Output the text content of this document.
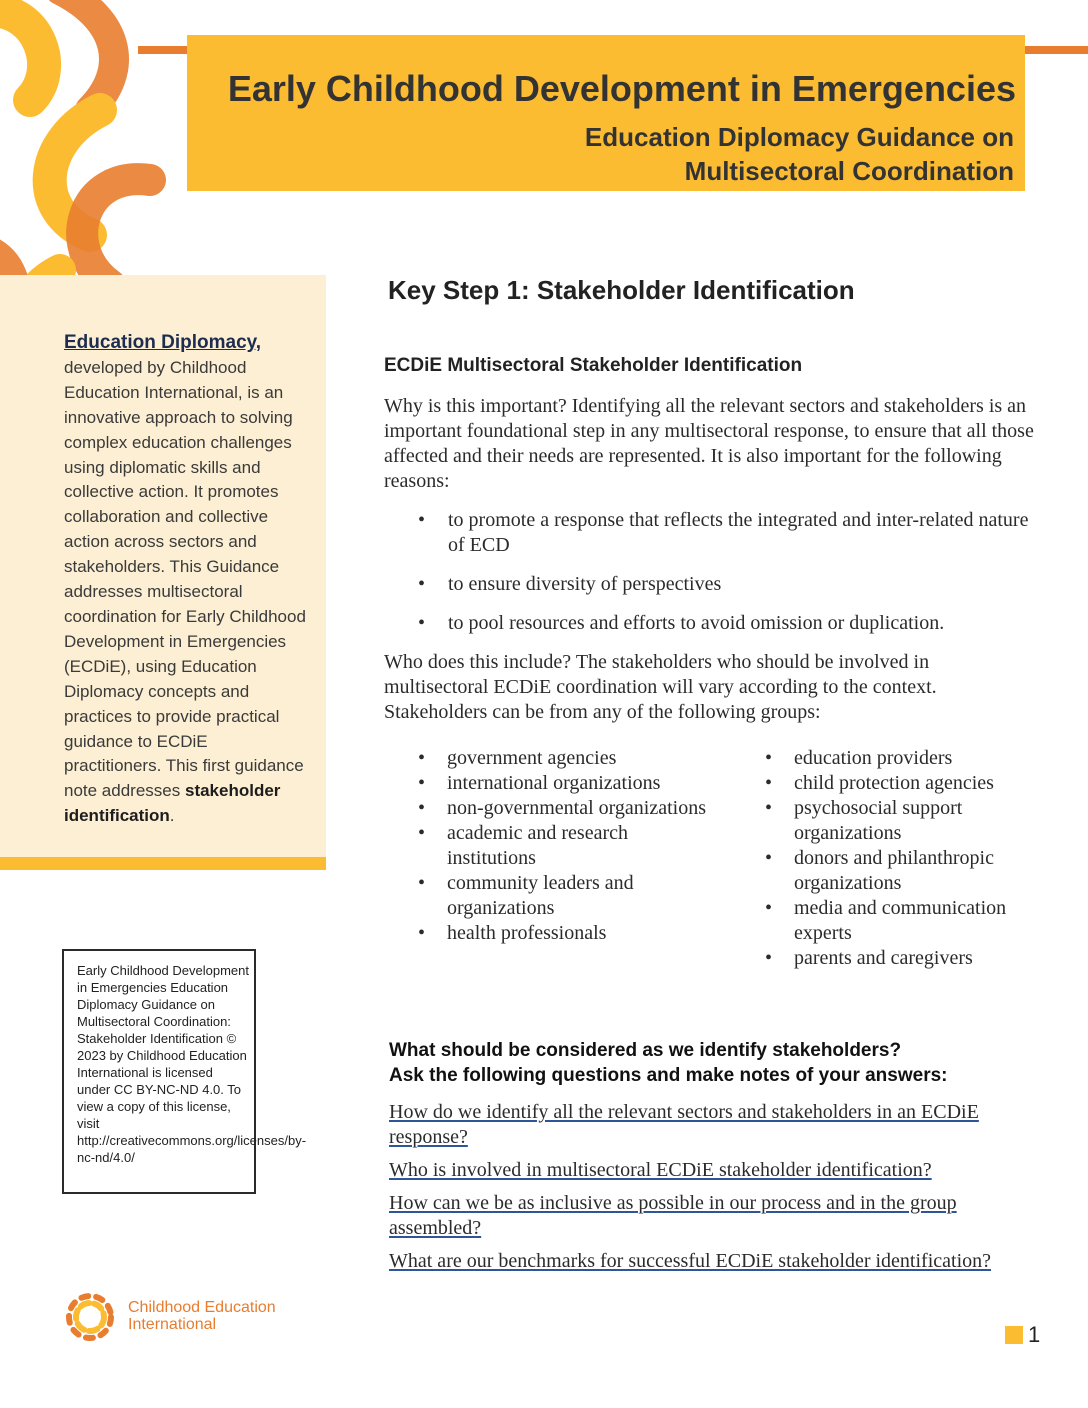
Early Childhood Development in Emergencies
Education Diplomacy Guidance on
Multisectoral Coordination
Education Diplomacy,
developed by Childhood Education International, is an innovative approach to solving complex education challenges using diplomatic skills and collective action. It promotes collaboration and collective action across sectors and stakeholders. This Guidance addresses multisectoral coordination for Early Childhood Development in Emergencies (ECDiE), using Education Diplomacy concepts and practices to provide practical guidance to ECDiE practitioners. This first guidance note addresses stakeholder identification.
Early Childhood Development in Emergencies Education Diplomacy Guidance on Multisectoral Coordination: Stakeholder Identification © 2023 by Childhood Education International is licensed under CC BY-NC-ND 4.0. To view a copy of this license, visit http://creativecommons.org/licenses/by-nc-nd/4.0/
Childhood Education
International
Key Step 1: Stakeholder Identification
ECDiE Multisectoral Stakeholder Identification
Why is this important? Identifying all the relevant sectors and stakeholders is an important foundational step in any multisectoral response, to ensure that all those affected and their needs are represented. It is also important for the following reasons:
• to promote a response that reflects the integrated and inter-related nature of ECD
• to ensure diversity of perspectives
• to pool resources and efforts to avoid omission or duplication.
Who does this include? The stakeholders who should be involved in multisectoral ECDiE coordination will vary according to the context. Stakeholders can be from any of the following groups:
• government agencies
• international organizations
• non-governmental organizations
• academic and research institutions
• community leaders and organizations
• health professionals
• education providers
• child protection agencies
• psychosocial support organizations
• donors and philanthropic organizations
• media and communication experts
• parents and caregivers
What should be considered as we identify stakeholders?
Ask the following questions and make notes of your answers:
How do we identify all the relevant sectors and stakeholders in an ECDiE response?
Who is involved in multisectoral ECDiE stakeholder identification?
How can we be as inclusive as possible in our process and in the group assembled?
What are our benchmarks for successful ECDiE stakeholder identification?
1
